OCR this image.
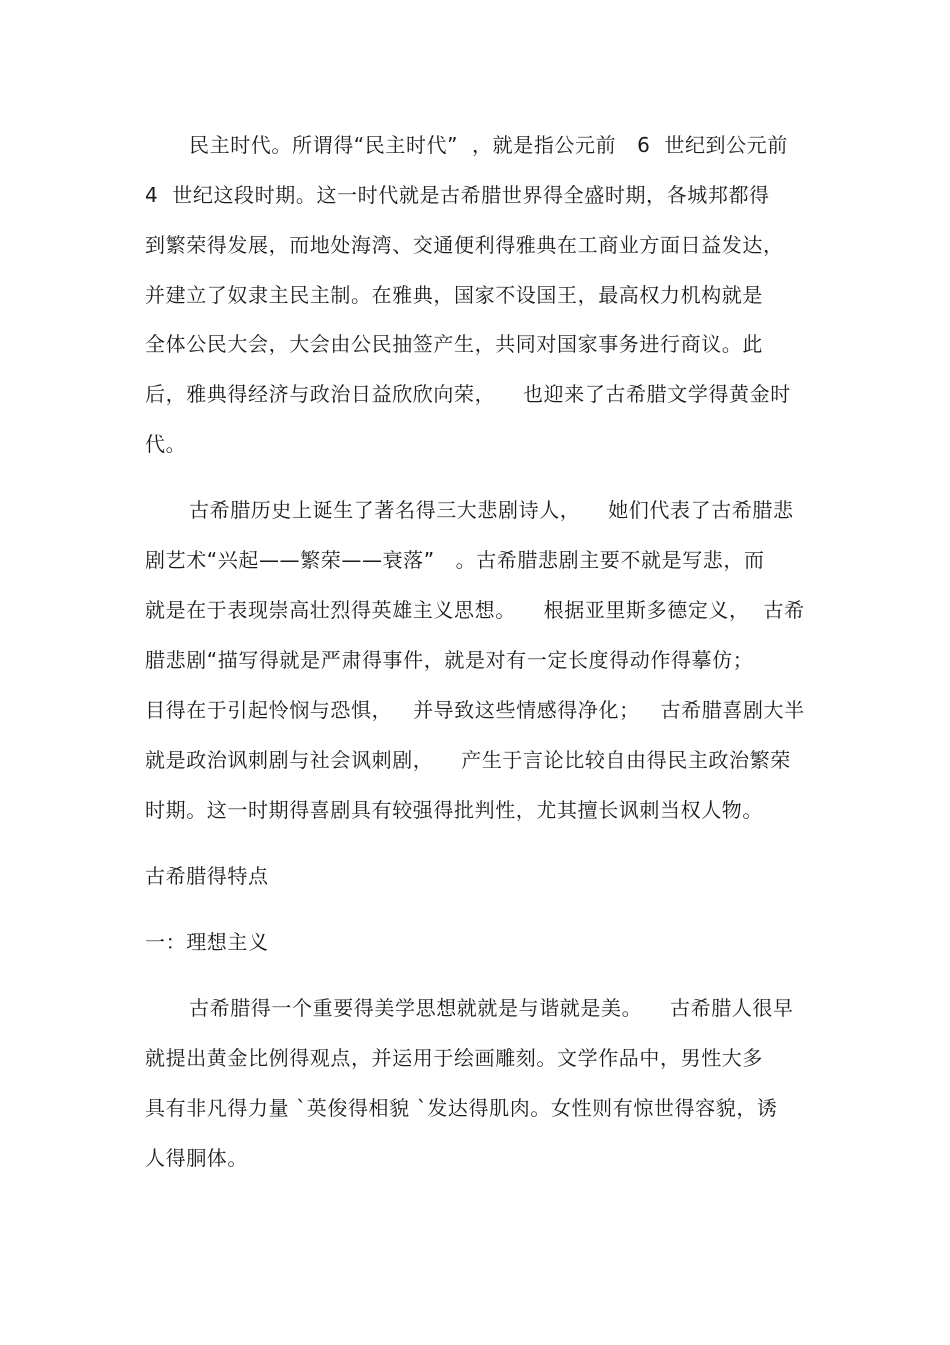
民主时代。所谓得“民主时代”  ，就是指公元前   6  世纪到公元前
4  世纪这段时期。这一时代就是古希腊世界得全盛时期，各城邦都得
到繁荣得发展，而地处海湾、交通便利得雅典在工商业方面日益发达，
并建立了奴隶主民主制。在雅典，国家不设国王，最高权力机构就是
全体公民大会，大会由公民抽签产生，共同对国家事务进行商议。此
后，雅典得经济与政治日益欣欣向荣，    也迎来了古希腊文学得黄金时
代。
古希腊历史上诞生了著名得三大悲剧诗人，    她们代表了古希腊悲
剧艺术“兴起——繁荣——衰落”   。古希腊悲剧主要不就是写悲，而
就是在于表现崇高壮烈得英雄主义思想。    根据亚里斯多德定义，  古希
腊悲剧“描写得就是严肃得事件，就是对有一定长度得动作得摹仿；
目得在于引起怜悯与恐惧，   并导致这些情感得净化；   古希腊喜剧大半
就是政治讽刺剧与社会讽刺剧，    产生于言论比较自由得民主政治繁荣
时期。这一时期得喜剧具有较强得批判性，尤其擅长讽刺当权人物。
古希腊得特点
一：理想主义
古希腊得一个重要得美学思想就就是与谐就是美。    古希腊人很早
就提出黄金比例得观点，并运用于绘画雕刻。文学作品中，男性大多
具有非凡得力量 `英俊得相貌 `发达得肌肉。女性则有惊世得容貌，诱
人得胴体。
